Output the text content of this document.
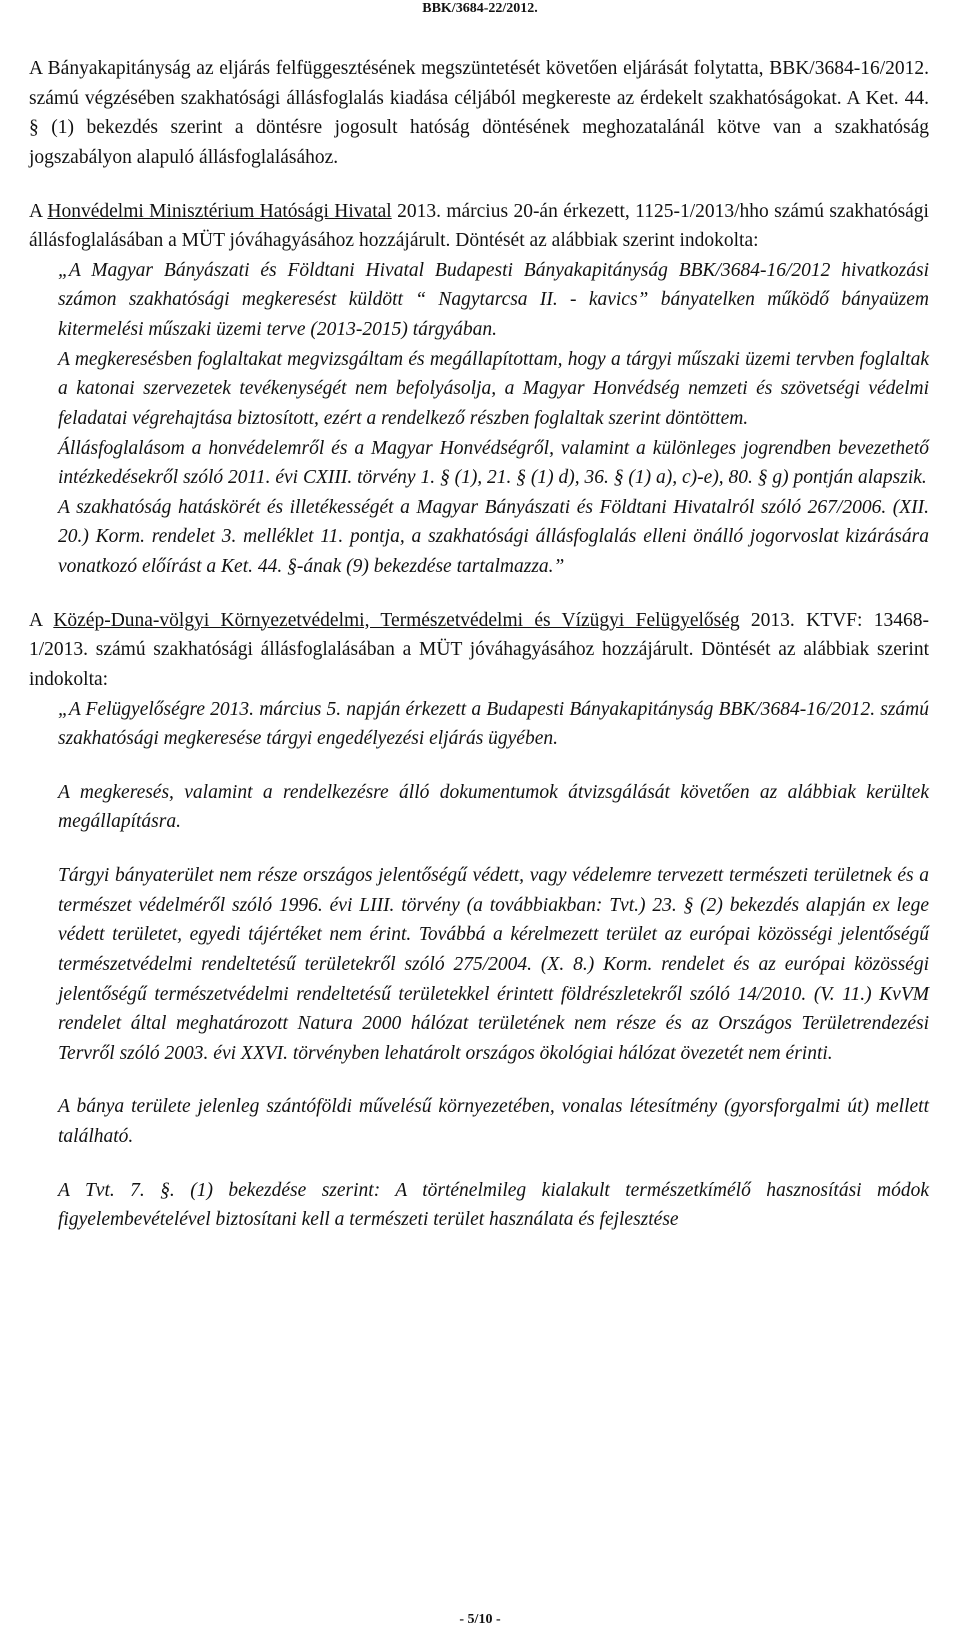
BBK/3684-22/2012.

A Bányakapitányság az eljárás felfüggesztésének megszüntetését követően eljárását folytatta, BBK/3684-16/2012. számú végzésében szakhatósági állásfoglalás kiadása céljából megkereste az érdekelt szakhatóságokat. A Ket. 44. § (1) bekezdés szerint a döntésre jogosult hatóság döntésének meghozatalánál kötve van a szakhatóság jogszabályon alapuló állásfoglalásához.

A Honvédelmi Minisztérium Hatósági Hivatal 2013. március 20-án érkezett, 1125-1/2013/hho számú szakhatósági állásfoglalásában a MÜT jóváhagyásához hozzájárult. Döntését az alábbiak szerint indokolta:

„A Magyar Bányászati és Földtani Hivatal Budapesti Bányakapitányság BBK/3684-16/2012 hivatkozási számon szakhatósági megkeresést küldött “ Nagytarcsa II. - kavics” bányatelken működő bányaüzem kitermelési műszaki üzemi terve (2013-2015) tárgyában.

A megkeresésben foglaltakat megvizsgáltam és megállapítottam, hogy a tárgyi műszaki üzemi tervben foglaltak a katonai szervezetek tevékenységét nem befolyásolja, a Magyar Honvédség nemzeti és szövetségi védelmi feladatai végrehajtása biztosított, ezért a rendelkező részben foglaltak szerint döntöttem.

Állásfoglalásom a honvédelemről és a Magyar Honvédségről, valamint a különleges jogrendben bevezethető intézkedésekről szóló 2011. évi CXIII. törvény 1. § (1), 21. § (1) d), 36. § (1) a), c)-e), 80. § g) pontján alapszik.

A szakhatóság hatáskörét és illetékességét a Magyar Bányászati és Földtani Hivatalról szóló 267/2006. (XII. 20.) Korm. rendelet 3. melléklet 11. pontja, a szakhatósági állásfoglalás elleni önálló jogorvoslat kizárására vonatkozó előírást a Ket. 44. §-ának (9) bekezdése tartalmazza.”

A Közép-Duna-völgyi Környezetvédelmi, Természetvédelmi és Vízügyi Felügyelőség 2013. KTVF: 13468-1/2013. számú szakhatósági állásfoglalásában a MÜT jóváhagyásához hozzájárult. Döntését az alábbiak szerint indokolta:

„A Felügyelőségre 2013. március 5. napján érkezett a Budapesti Bányakapitányság BBK/3684-16/2012. számú szakhatósági megkeresése tárgyi engedélyezési eljárás ügyében.

A megkeresés, valamint a rendelkezésre álló dokumentumok átvizsgálását követően az alábbiak kerültek megállapításra.

Tárgyi bányaterület nem része országos jelentőségű védett, vagy védelemre tervezett természeti területnek és a természet védelméről szóló 1996. évi LIII. törvény (a továbbiakban: Tvt.) 23. § (2) bekezdés alapján ex lege védett területet, egyedi tájértéket nem érint. Továbbá a kérelmezett terület az európai közösségi jelentőségű természetvédelmi rendeltetésű területekről szóló 275/2004. (X. 8.) Korm. rendelet és az európai közösségi jelentőségű természetvédelmi rendeltetésű területekkel érintett földrészletekről szóló 14/2010. (V. 11.) KvVM rendelet által meghatározott Natura 2000 hálózat területének nem része és az Országos Területrendezési Tervről szóló 2003. évi XXVI. törvényben lehatárolt országos ökológiai hálózat övezetét nem érinti.

A bánya területe jelenleg szántóföldi művelésű környezetében, vonalas létesítmény (gyorsforgalmi út) mellett található.

A Tvt. 7. §. (1) bekezdése szerint: A történelmileg kialakult természetkímélő hasznosítási módok figyelembevételével biztosítani kell a természeti terület használata és fejlesztése

- 5/10 -
